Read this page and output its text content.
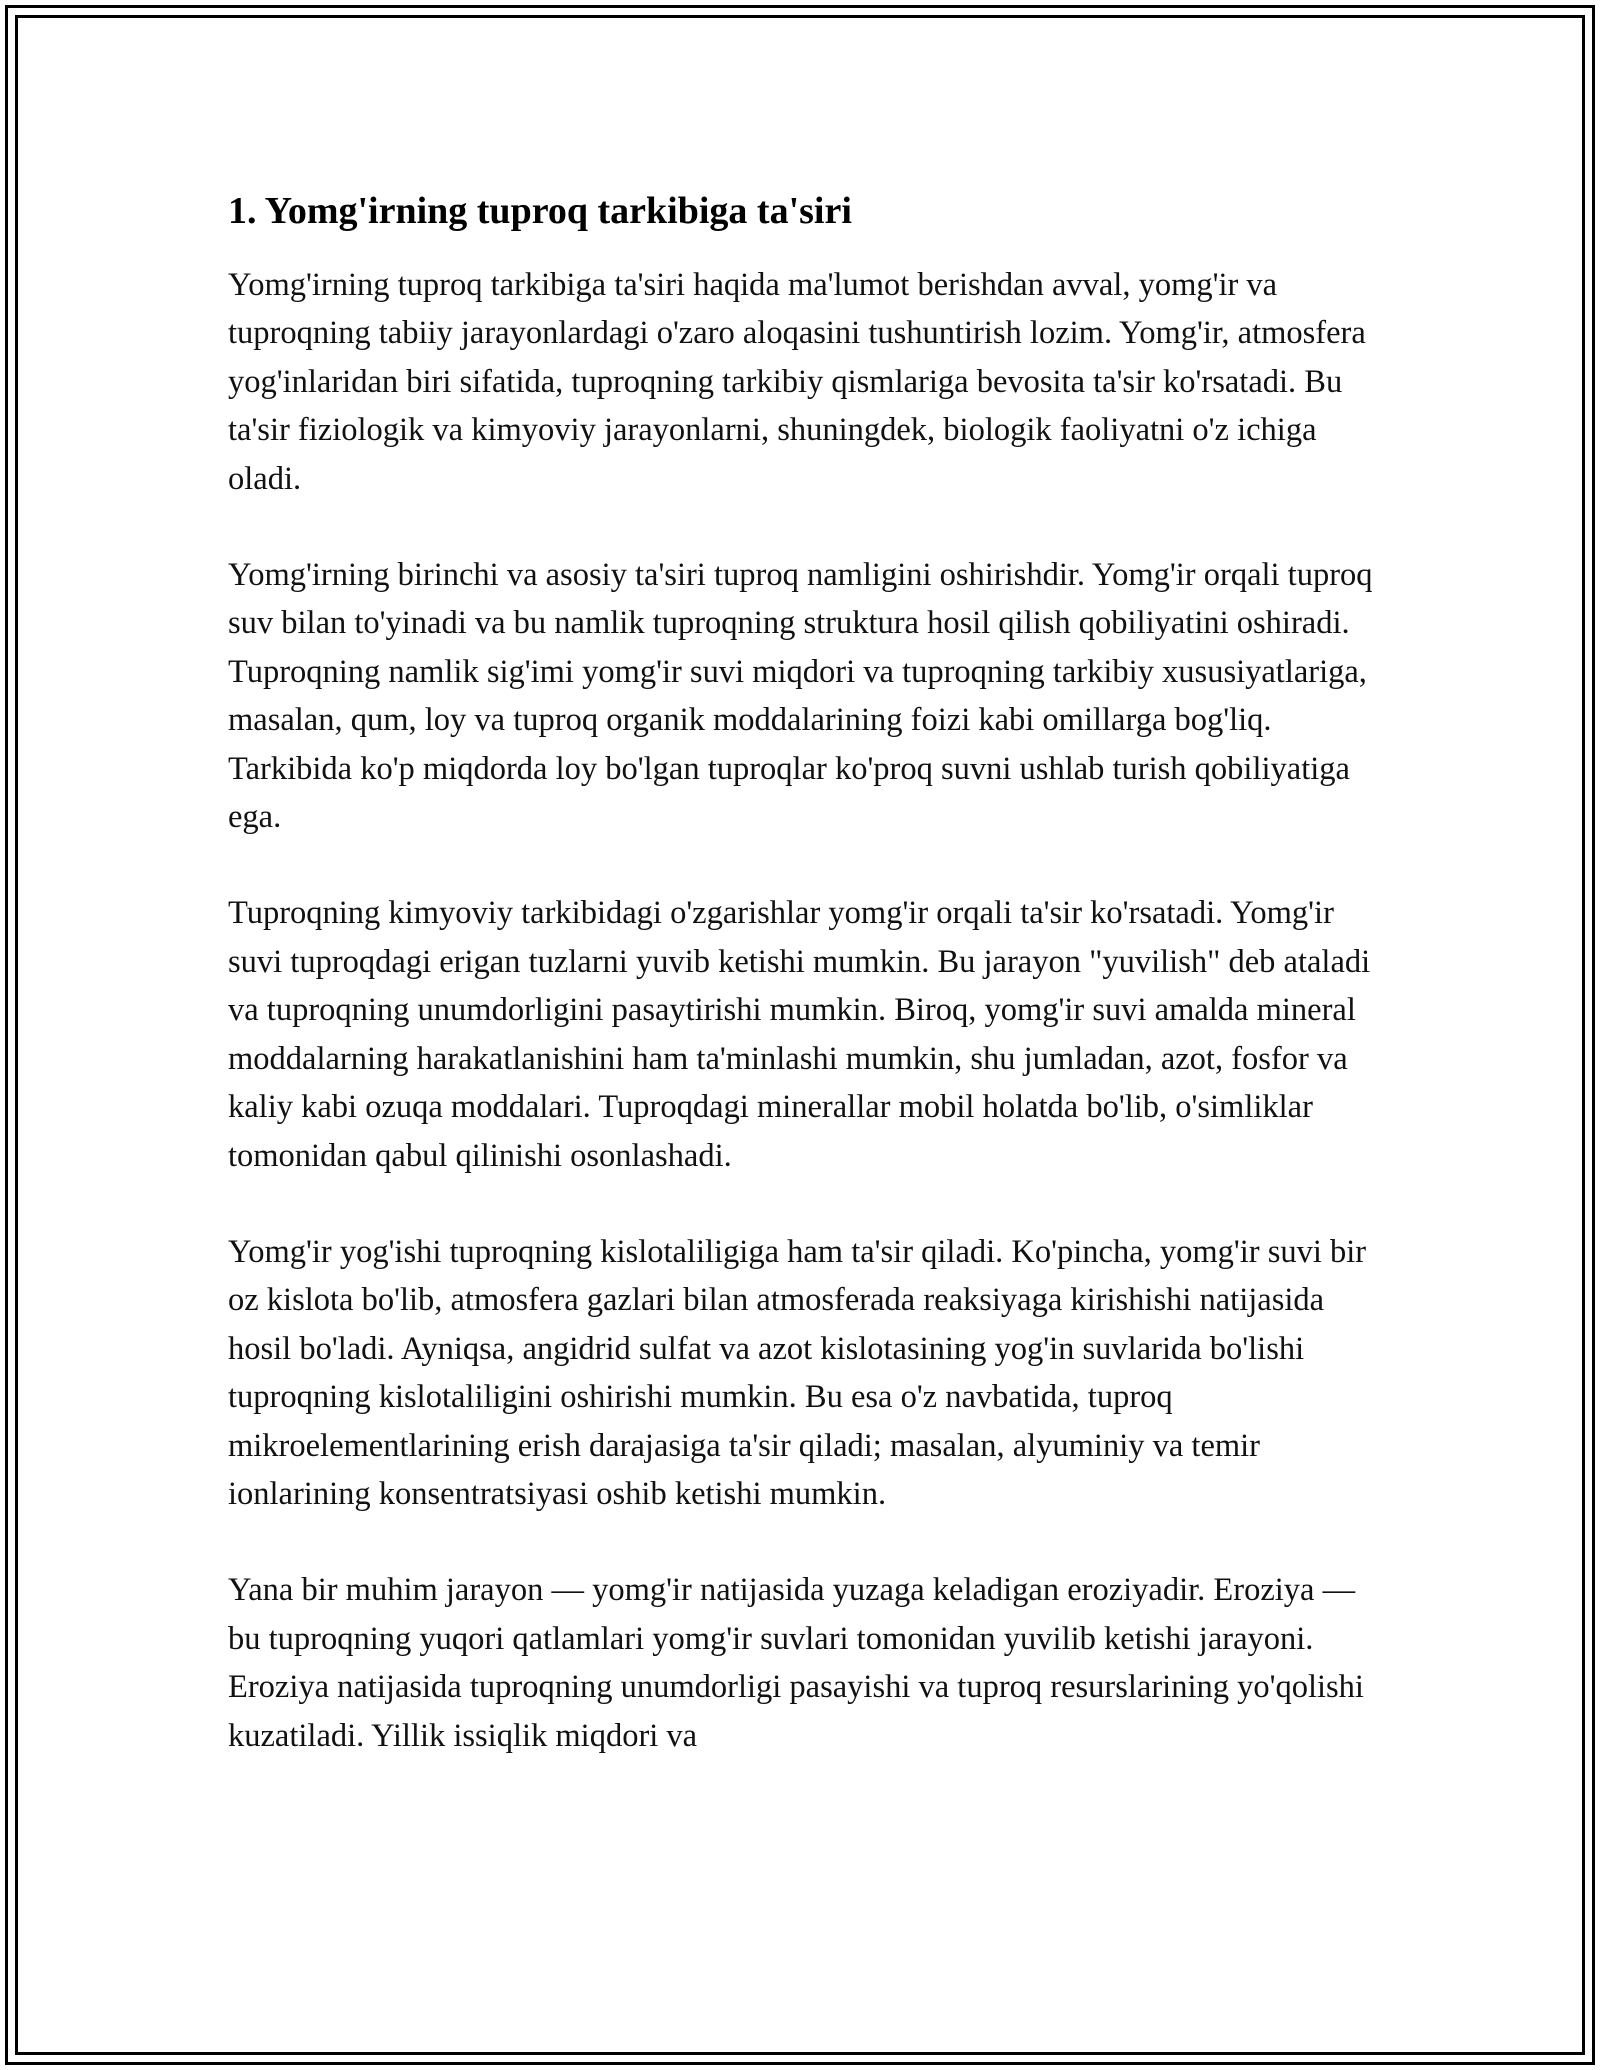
1. Yomg'irning tuproq tarkibiga ta'siri

Yomg'irning tuproq tarkibiga ta'siri haqida ma'lumot berishdan avval, yomg'ir va tuproqning tabiiy jarayonlardagi o'zaro aloqasini tushuntirish lozim. Yomg'ir, atmosfera yog'inlaridan biri sifatida, tuproqning tarkibiy qismlariga bevosita ta'sir ko'rsatadi. Bu ta'sir fiziologik va kimyoviy jarayonlarni, shuningdek, biologik faoliyatni o'z ichiga oladi.

Yomg'irning birinchi va asosiy ta'siri tuproq namligini oshirishdir. Yomg'ir orqali tuproq suv bilan to'yinadi va bu namlik tuproqning struktura hosil qilish qobiliyatini oshiradi. Tuproqning namlik sig'imi yomg'ir suvi miqdori va tuproqning tarkibiy xususiyatlariga, masalan, qum, loy va tuproq organik moddalarining foizi kabi omillarga bog'liq. Tarkibida ko'p miqdorda loy bo'lgan tuproqlar ko'proq suvni ushlab turish qobiliyatiga ega.

Tuproqning kimyoviy tarkibidagi o'zgarishlar yomg'ir orqali ta'sir ko'rsatadi. Yomg'ir suvi tuproqdagi erigan tuzlarni yuvib ketishi mumkin. Bu jarayon "yuvilish" deb ataladi va tuproqning unumdorligini pasaytirishi mumkin. Biroq, yomg'ir suvi amalda mineral moddalarning harakatlanishini ham ta'minlashi mumkin, shu jumladan, azot, fosfor va kaliy kabi ozuqa moddalari. Tuproqdagi minerallar mobil holatda bo'lib, o'simliklar tomonidan qabul qilinishi osonlashadi.

Yomg'ir yog'ishi tuproqning kislotaliligiga ham ta'sir qiladi. Ko'pincha, yomg'ir suvi bir oz kislota bo'lib, atmosfera gazlari bilan atmosferada reaksiyaga kirishishi natijasida hosil bo'ladi. Ayniqsa, angidrid sulfat va azot kislotasining yog'in suvlarida bo'lishi tuproqning kislotaliligini oshirishi mumkin. Bu esa o'z navbatida, tuproq mikroelementlarining erish darajasiga ta'sir qiladi; masalan, alyuminiy va temir ionlarining konsentratsiyasi oshib ketishi mumkin.

Yana bir muhim jarayon — yomg'ir natijasida yuzaga keladigan eroziyadir. Eroziya — bu tuproqning yuqori qatlamlari yomg'ir suvlari tomonidan yuvilib ketishi jarayoni. Eroziya natijasida tuproqning unumdorligi pasayishi va tuproq resurslarining yo'qolishi kuzatiladi. Yillik issiqlik miqdori va
